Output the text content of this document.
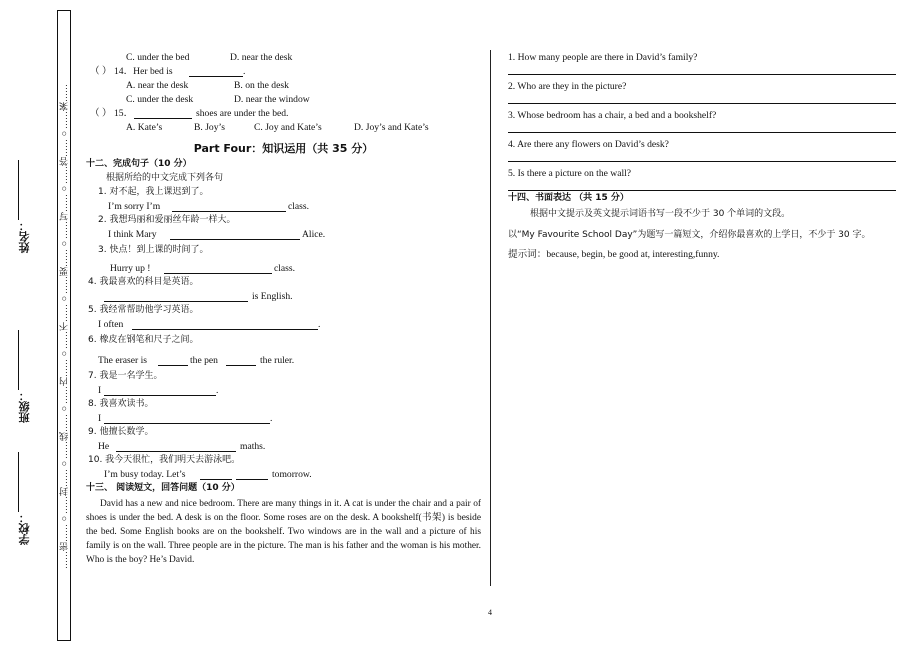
……密……○……封……○……线……○……内……○……不……○……要……○……写……○……答……○……案……
学校：
班级：
姓名：
C. under the bed	D. near the desk
（ ） 14．Her bed is	.
A. near the desk	B. on the desk
C. under the desk	D. near the window
（ ） 15．	shoes are under the bed.
A. Kate’s	B. Joy’s	C. Joy and Kate’s	D. Joy’s and Kate’s
Part Four：知识运用（共 35 分）
十二、完成句子（10 分）
根据所给的中文完成下列各句
1. 对不起，我上课迟到了。
I’m sorry I’m	class.
2. 我想玛丽和爱丽丝年龄一样大。
I think Mary	Alice.
3. 快点！到上课的时间了。
Hurry up !	class.
4. 我最喜欢的科目是英语。
is English.
5. 我经常帮助他学习英语。
I often	.
6. 橡皮在钢笔和尺子之间。
The eraser is	the pen	the ruler.
7. 我是一名学生。
I	.
8. 我喜欢读书。
I	.
9. 他擅长数学。
He	maths.
10. 我今天很忙，我们明天去游泳吧。
I’m busy today. Let’s	tomorrow.
十三、 阅读短文，回答问题（10 分）
David has a new and nice bedroom. There are many things in it. A cat is under the chair and a pair of shoes is under the bed. A desk is on the floor. Some roses are on the desk. A bookshelf(书架) is beside the bed. Some English books are on the bookshelf. Two windows are in the wall and a picture of his family is on the wall. Three people are in the picture. The man is his father and the woman is his mother. Who is the boy? He’s David.
1. How many people are there in David’s family?
2. Who are they in the picture?
3. Whose bedroom has a chair, a bed and a bookshelf?
4. Are there any flowers on David’s desk?
5. Is there a picture on the wall?
十四、书面表达 （共 15 分）
根据中文提示及英文提示词语书写一段不少于 30 个单词的文段。
以“My Favourite School Day”为题写一篇短文，介绍你最喜欢的上学日，不少于 30 字。
提示词：because, begin, be good at, interesting,funny.
4
